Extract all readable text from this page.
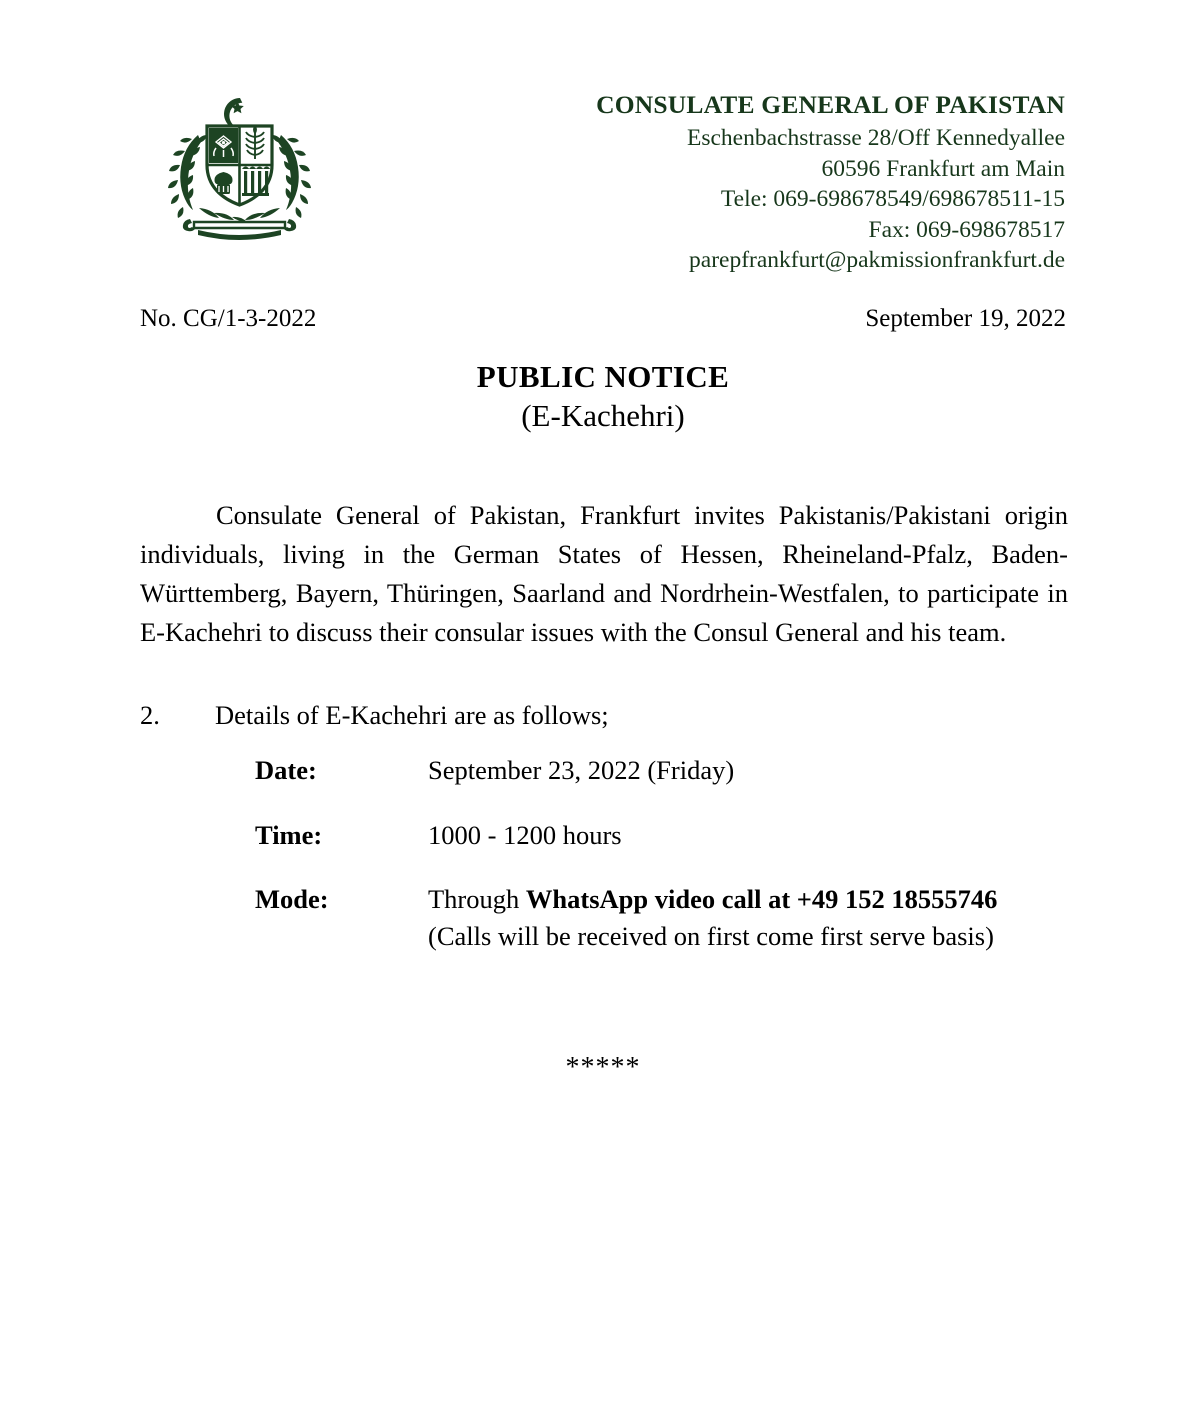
CONSULATE GENERAL OF PAKISTAN
Eschenbachstrasse 28/Off Kennedyallee
60596 Frankfurt am Main
Tele: 069-698678549/698678511-15
Fax: 069-698678517
parepfrankfurt@pakmissionfrankfurt.de
No. CG/1-3-2022	September 19, 2022
PUBLIC NOTICE
(E-Kachehri)
Consulate General of Pakistan, Frankfurt invites Pakistanis/Pakistani origin individuals, living in the German States of Hessen, Rheineland-Pfalz, Baden-Württemberg, Bayern, Thüringen, Saarland and Nordrhein-Westfalen, to participate in E-Kachehri to discuss their consular issues with the Consul General and his team.
2.	Details of E-Kachehri are as follows;
Date:	September 23, 2022 (Friday)
Time:	1000 - 1200 hours
Mode:	Through WhatsApp video call at +49 152 18555746
(Calls will be received on first come first serve basis)
*****
